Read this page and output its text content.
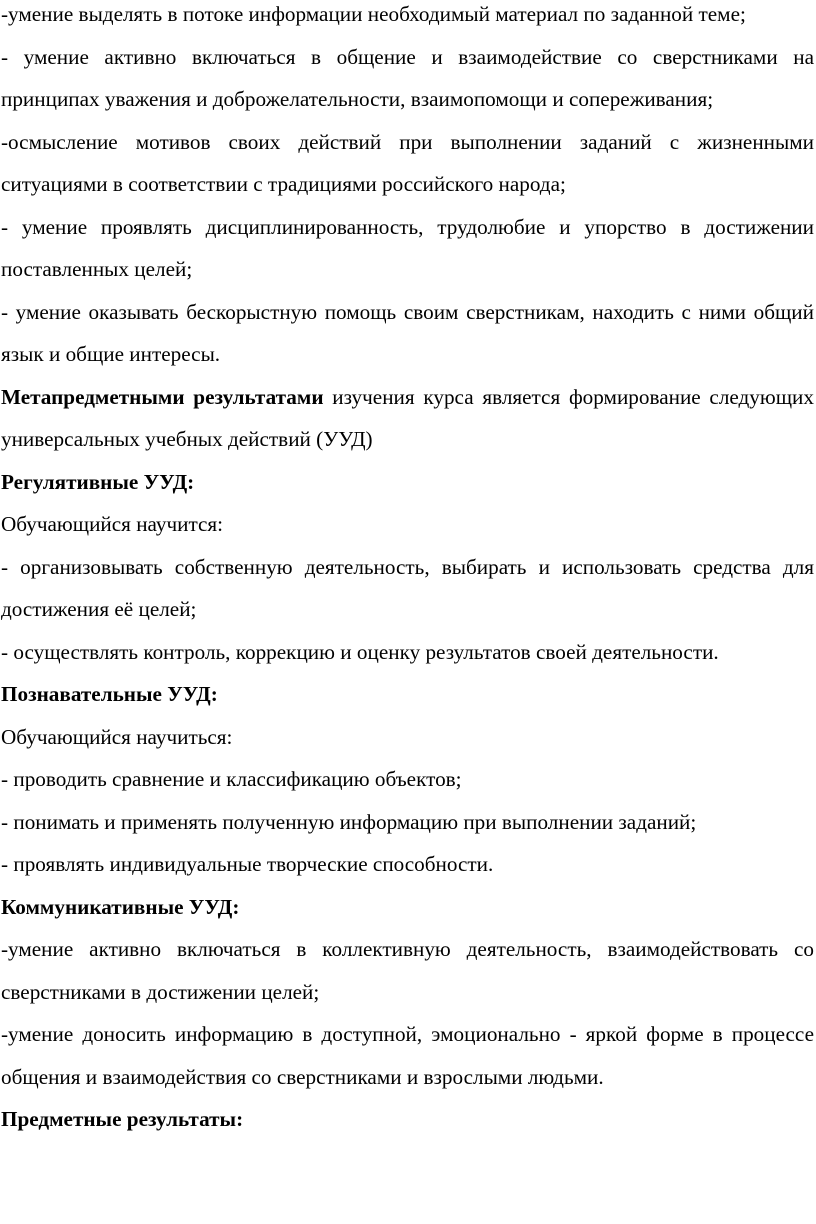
-умение выделять в потоке информации необходимый материал по заданной теме;

- умение активно включаться в общение и взаимодействие со сверстниками на принципах уважения и доброжелательности, взаимопомощи и сопереживания;

-осмысление мотивов своих действий при выполнении заданий с жизненными ситуациями в соответствии с традициями российского народа;

- умение проявлять дисциплинированность, трудолюбие и упорство в достижении поставленных целей;

- умение оказывать бескорыстную помощь своим сверстникам, находить с ними общий язык и общие интересы.

Метапредметными результатами изучения курса является формирование следующих универсальных учебных действий (УУД)

Регулятивные УУД:

Обучающийся научится:

- организовывать собственную деятельность, выбирать и использовать средства для достижения её целей;

- осуществлять контроль, коррекцию и оценку результатов своей деятельности.

Познавательные УУД:

Обучающийся научиться:

- проводить сравнение и классификацию объектов;

- понимать и применять полученную информацию при выполнении заданий;

- проявлять индивидуальные творческие способности.

Коммуникативные УУД:

-умение активно включаться в коллективную деятельность, взаимодействовать со сверстниками в достижении целей;

-умение доносить информацию в доступной, эмоционально - яркой форме в процессе общения и взаимодействия со сверстниками и взрослыми людьми.

Предметные результаты:
